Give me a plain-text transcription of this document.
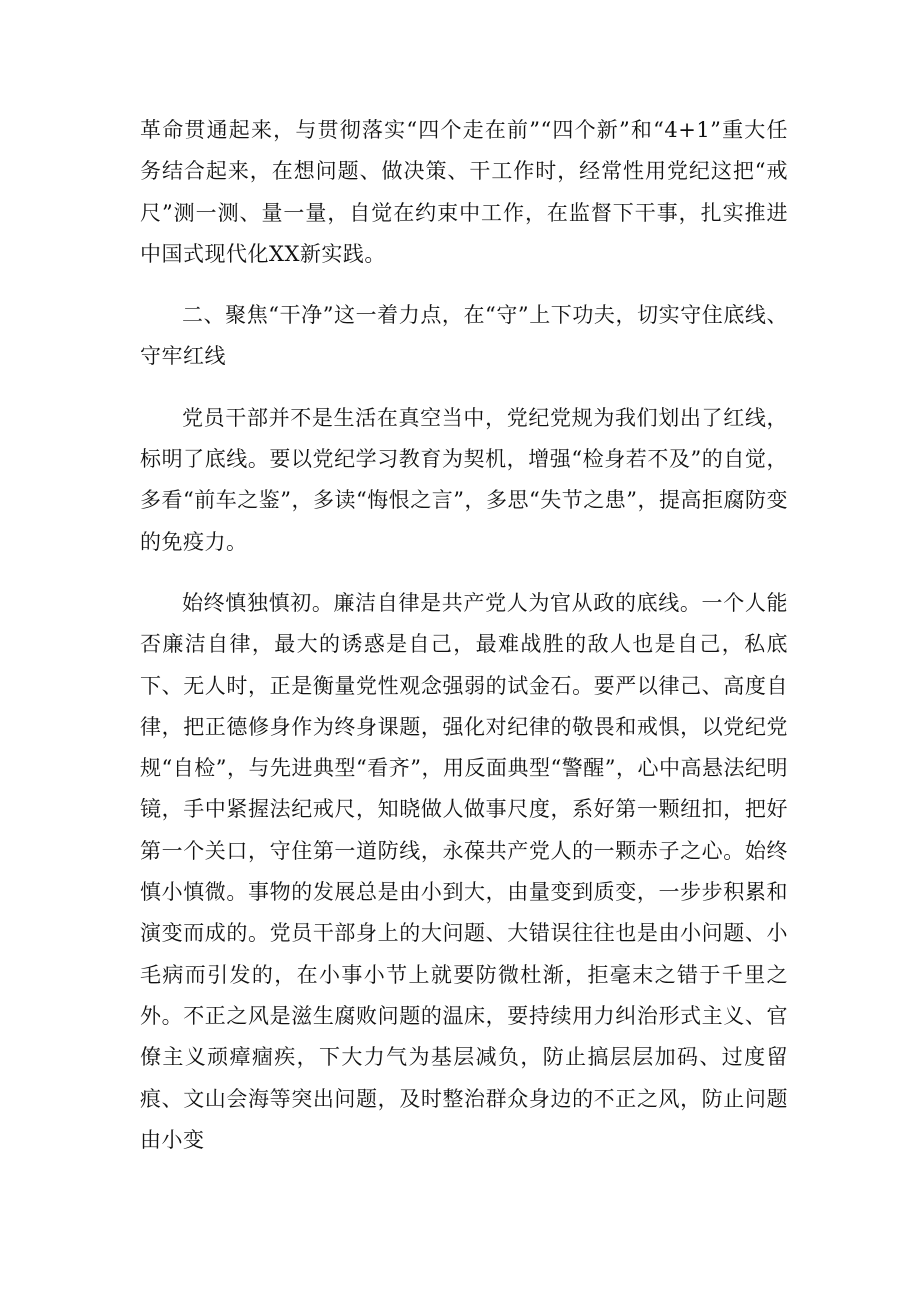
革命贯通起来，与贯彻落实“四个走在前”“四个新”和“4+1”重大任务结合起来，在想问题、做决策、干工作时，经常性用党纪这把“戒尺”测一测、量一量，自觉在约束中工作，在监督下干事，扎实推进中国式现代化XX新实践。

二、聚焦“干净”这一着力点，在“守”上下功夫，切实守住底线、守牢红线

党员干部并不是生活在真空当中，党纪党规为我们划出了红线，标明了底线。要以党纪学习教育为契机，增强“检身若不及”的自觉，多看“前车之鉴”，多读“悔恨之言”，多思“失节之患”，提高拒腐防变的免疫力。

始终慎独慎初。廉洁自律是共产党人为官从政的底线。一个人能否廉洁自律，最大的诱惑是自己，最难战胜的敌人也是自己，私底下、无人时，正是衡量党性观念强弱的试金石。要严以律己、高度自律，把正德修身作为终身课题，强化对纪律的敬畏和戒惧，以党纪党规“自检”，与先进典型“看齐”，用反面典型“警醒”，心中高悬法纪明镜，手中紧握法纪戒尺，知晓做人做事尺度，系好第一颗纽扣，把好第一个关口，守住第一道防线，永葆共产党人的一颗赤子之心。始终慎小慎微。事物的发展总是由小到大，由量变到质变，一步步积累和演变而成的。党员干部身上的大问题、大错误往往也是由小问题、小毛病而引发的，在小事小节上就要防微杜渐，拒毫末之错于千里之外。不正之风是滋生腐败问题的温床，要持续用力纠治形式主义、官僚主义顽瘴痼疾，下大力气为基层减负，防止搞层层加码、过度留痕、文山会海等突出问题，及时整治群众身边的不正之风，防止问题由小变
